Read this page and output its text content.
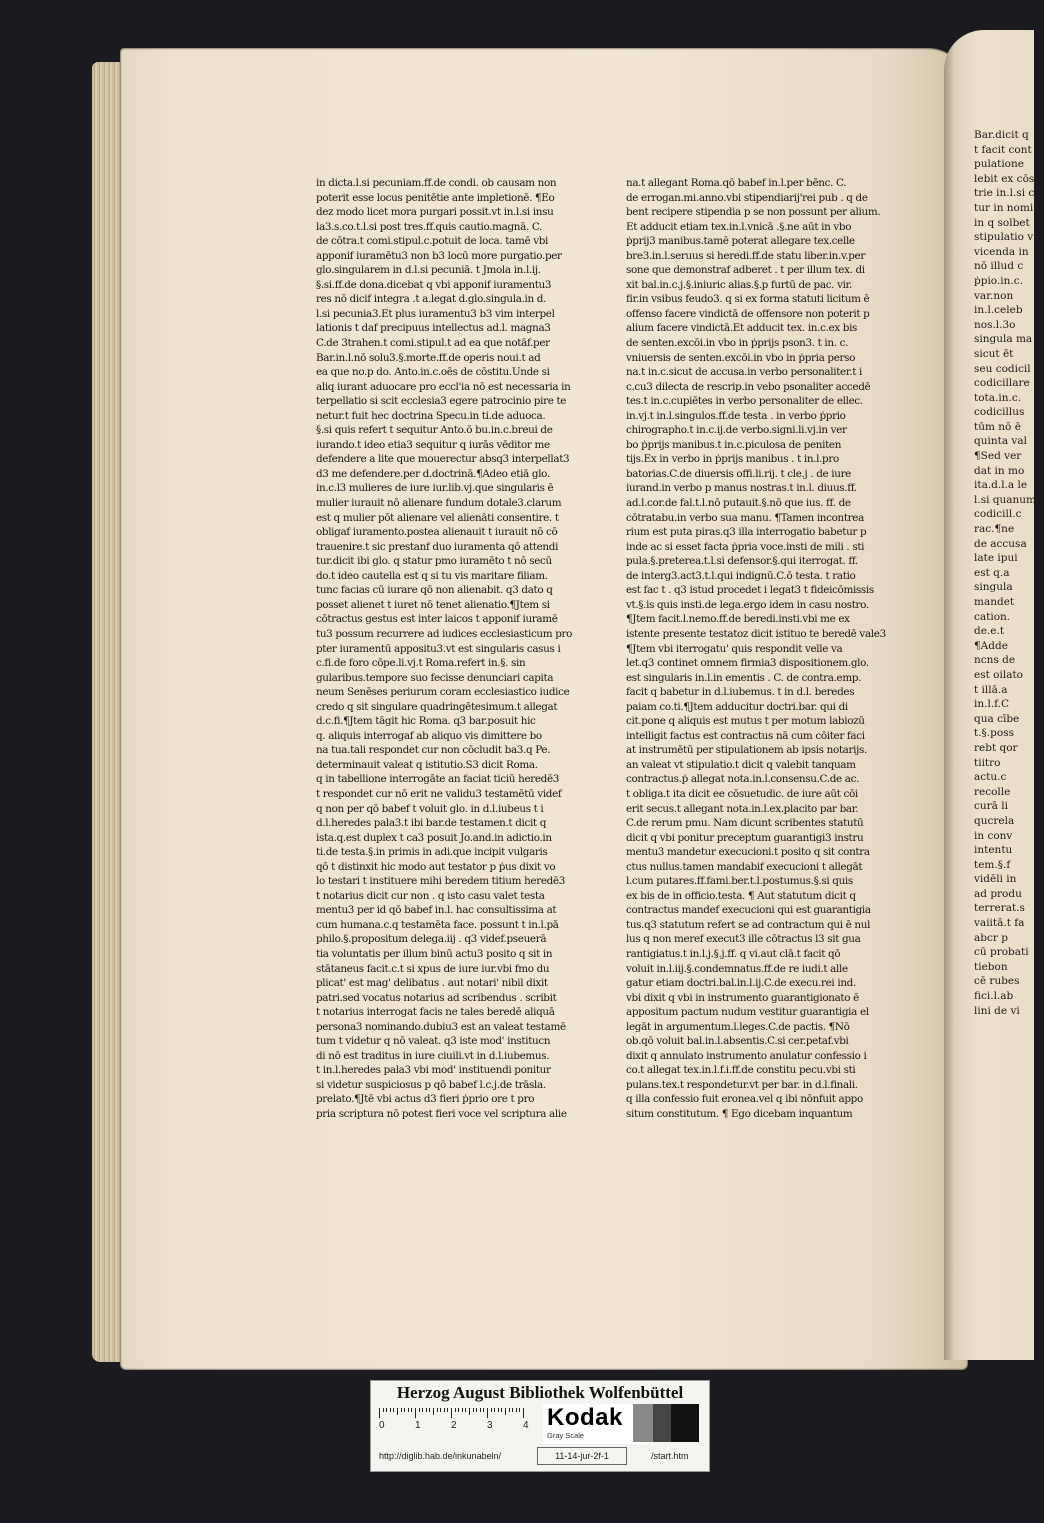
Bar.dicit q
t facit cont
pulatione
lebit ex cōs
trie in.l.si c
tur in nomi
in q solbet
stipulatio v
vicenda in
nō illud c
ṗpio.in.c.
var.non
in.l.celeb
nos.l.3o
singula ma
sicut ēt
seu codicil
codicillare
tota.in.c.
codicillus
tūm nō ē
quinta val
¶Sed ver
dat in mo
ita.d.l.a le
l.si quanum
codicill.c
rac.¶ne
de accusa
late ipui
est q.a
singula
mandet
cation.
de.e.t
¶Adde
ncns de
est oilato
t illā.a
in.l.f.C
qua cībe
t.§.poss
rebt qor
tiitro
actu.c
recolle
curā li
qucrela
in conv
intentu
tem.§.f
vidēli in
ad produ
terrerat.s
vaiitā.t fa
abcr p
cū probati
tiebon
cē rubes
fici.l.ab
lini de vi
in dicta.l.si pecuniam.ff.de condi. ob causam non
poterit esse locus penitētie ante impletionē. ¶Eo
dez modo licet mora purgari possit.vt in.l.si insu
la3.s.co.t.l.si post tres.ff.quis cautio.magnā. C.
de cōtra.t comi.stipul.c.potuit de loca. tamē vbi
apponif iuramētu3 non b3 locū more purgatio.per
glo.singularem in d.l.si pecuniā. t Jmola in.l.ij.
§.si.ff.de dona.dicebat q vbi apponif iuramentu3
res nō dicif integra .t a.legat d.glo.singula.in d.
l.si pecunia3.Et plus iuramentu3 b3 vim interpel
lationis t daf precipuus intellectus ad.l. magna3
C.de 3trahen.t comi.stipul.t ad ea que notāf.per
Bar.in.l.nō solu3.§.morte.ff.de operis noui.t ad
ea que no.p do. Anto.in.c.oēs de cōstitu.Unde si
aliq iurant aduocare pro eccl'ia nō est necessaria in
terpellatio si scit ecclesia3 egere patrocinio pire te
netur.t fuit hec doctrina Specu.in ti.de aduoca.
§.si quis refert t sequitur Anto.ō bu.in.c.breui de
iurando.t ideo etia3 sequitur q iurās vēditor me
defendere a lite que mouerectur absq3 interpellat3
d3 me defendere.per d.doctrinā.¶Adeo etiā glo.
in.c.l3 mulieres de iure iur.lib.vj.que singularis ē
mulier iurauit nō alienare fundum dotale3.clarum
est q mulier pōt alienare vel alienāti consentire. t
obligaf iuramento.postea alienauit t iurauit nō cō
trauenire.t sic prestanf duo iuramenta qō attendi
tur.dicit ibi glo. q statur pmo iuramēto t nō secū
do.t ideo cautella est q si tu vis maritare filiam.
tunc facias cū iurare qō non alienabit. q3 dato q
posset alienet t iuret nō tenet alienatio.¶Jtem si
cōtractus gestus est inter laicos t apponif iuramē
tu3 possum recurrere ad iudices ecclesiasticum pro
pter iuramentū appositu3.vt est singularis casus i
c.fi.de foro cōpe.li.vj.t Roma.refert in.§. sin
gularibus.tempore suo fecisse denunciari capita
neum Senēses periurum coram ecclesiastico iudice
credo q sit singulare quadringētesimum.t allegat
d.c.fi.¶Jtem tāgit hic Roma. q3 bar.posuit hic
q. aliquis interrogaf ab aliquo vis dimittere bo
na tua.tali respondet cur non cōcludit ba3.q Pe.
determinauit valeat q istitutio.S3 dicit Roma.
q in tabellione interrogāte an faciat ticiū heredē3
t respondet cur nō erit ne validu3 testamētū videf
q non per qō babef t voluit glo. in d.l.iubeus t i
d.l.heredes pala3.t ibi bar.de testamen.t dicit q
ista.q.est duplex t ca3 posuit Jo.and.in adictio.in
ti.de testa.§.in primis in adi.que incipit vulgaris
qō t distinxit hic modo aut testator p ṗus dixit vo
lo testari t instituere mihi beredem titium heredē3
t notarius dicit cur non . q isto casu valet testa
mentu3 per id qō babef in.l. hac consultissima at
cum humana.c.q testamēta face. possunt t in.l.pā
philo.§.propositum delega.iij . q3 videf.pseuerā
tia voluntatis per illum binū actu3 posito q sit in
stātaneus facit.c.t si xpus de iure iur.vbi fmo du
plicat' est mag' delibatus . aut notari' nibil dixit
patri.sed vocatus notarius ad scribendus . scribit
t notarius interrogat facis ne tales beredē aliquā
persona3 nominando.dubiu3 est an valeat testamē
tum t videtur q nō valeat. q3 iste mod' institucn
di nō est traditus in iure ciuili.vt in d.l.iubemus.
t in.l.heredes pala3 vbi mod' instituendi ponitur
si videtur suspiciosus p qō babef l.c.j.de trāsla.
prelato.¶Jtē vbi actus d3 fieri ṗprio ore t pro
pria scriptura nō potest fieri voce vel scriptura alie
na.t allegant Roma.qō babef in.l.per bēnc. C.
de errogan.mi.anno.vbi stipendiarij'rei pub . q de
bent recipere stipendia p se non possunt per alium.
Et adducit etiam tex.in.l.vnicā .§.ne aūt in vbo
ṗprij3 manibus.tamē poterat allegare tex.celle
bre3.in.l.seruus si heredi.ff.de statu liber.in.v.per
sone que demonstraf adberet . t per illum tex. di
xit bal.in.c.j.§.iniuric alias.§.p furtū de pac. vir.
fir.in vsibus feudo3. q si ex forma statuti licitum ē
offenso facere vindictā de offensore non poterit p
alium facere vindictā.Et adducit tex. in.c.ex bis
de senten.excōi.in vbo in ṗprijs pson3. t in. c.
vniuersis de senten.excōi.in vbo in ṗpria perso
na.t in.c.sicut de accusa.in verbo personaliter.t i
c.cu3 dilecta de rescrip.in vebo psonaliter accedē
tes.t in.c.cupiētes in verbo personaliter de ellec.
in.vj.t in.l.singulos.ff.de testa . in verbo ṗprio
chirographo.t in.c.ij.de verbo.signi.li.vj.in ver
bo ṗprijs manibus.t in.c.piculosa de peniten
tijs.Ex in verbo in ṗprijs manibus . t in.l.pro
batorias.C.de diuersis offi.li.rij. t cle.j . de iure
iurand.in verbo p manus nostras.t in.l. diuus.ff.
ad.l.cor.de fal.t.l.nō putauit.§.nō que ius. ff. de
cōtratabu.in verbo sua manu. ¶Tamen incontrea
rium est puta piras.q3 illa interrogatio babetur p
inde ac si esset facta ṗpria voce.insti de mili . sti
pula.§.preterea.t.l.si defensor.§.qui iterrogat. ff.
de interg3.act3.t.l.qui indignū.C.ō testa. t ratio
est fac t . q3 istud procedet i legat3 t fideicōmissis
vt.§.is quis insti.de lega.ergo idem in casu nostro.
¶Jtem facit.l.nemo.ff.de beredi.insti.vbi me ex
istente presente testatoz dicit istituo te beredē vale3
¶Jtem vbi iterrogatu' quis respondit velle va
let.q3 continet omnem firmia3 dispositionem.glo.
est singularis in.l.in ementis . C. de contra.emp.
facit q babetur in d.l.iubemus. t in d.l. beredes
paiam co.ti.¶Jtem adducitur doctri.bar. qui di
cit.pone q aliquis est mutus t per motum labiozū
intelligit factus est contractus nā cum cōiter faci
at instrumētū per stipulationem ab ipsis notarijs.
an valeat vt stipulatio.t dicit q valebit tanquam
contractus.ṗ allegat nota.in.l.consensu.C.de ac.
t obliga.t ita dicit ee cōsuetudic. de iure aūt cōi
erit secus.t allegant nota.in.l.ex.placito par bar.
C.de rerum pmu. Nam dicunt scribentes statutū
dicit q vbi ponitur preceptum guarantigi3 instru
mentu3 mandetur execucioni.t posito q sit contra
ctus nullus.tamen mandabif execucioni t allegāt
l.cum putares.ff.fami.ber.t.l.postumus.§.si quis
ex bis de in officio.testa. ¶ Aut statutum dicit q
contractus mandef execucioni qui est guarantigia
tus.q3 statutum refert se ad contractum qui ē nul
lus q non meref execut3 ille cōtractus l3 sit gua
rantigiatus.t in.l.j.§.j.ff. q vi.aut clā.t facit qō
voluit in.l.iij.§.condemnatus.ff.de re iudi.t alle
gatur etiam doctri.bal.in.l.ij.C.de execu.rei ind.
vbi dixit q vbi in instrumento guarantigionato ē
appositum pactum nudum vestitur guarantigia el
legāt in argumentum.l.leges.C.de pactis. ¶Nō
ob.qō voluit bal.in.l.absentis.C.si cer.petaf.vbi
dixit q annulato instrumento anulatur confessio i
co.t allegat tex.in.l.f.i.ff.de constitu pecu.vbi sti
pulans.tex.t respondetur.vt per bar. in d.l.finali.
q illa confessio fuit eronea.vel q ibi nōnfuit appo
situm constitutum. ¶ Ego dicebam inquantum
Herzog August Bibliothek Wolfenbüttel
0	1	2	3	4 Kodak
Gray Scale
http://diglib.hab.de/inkunabeln/	11-14-jur-2f-1	/start.htm
